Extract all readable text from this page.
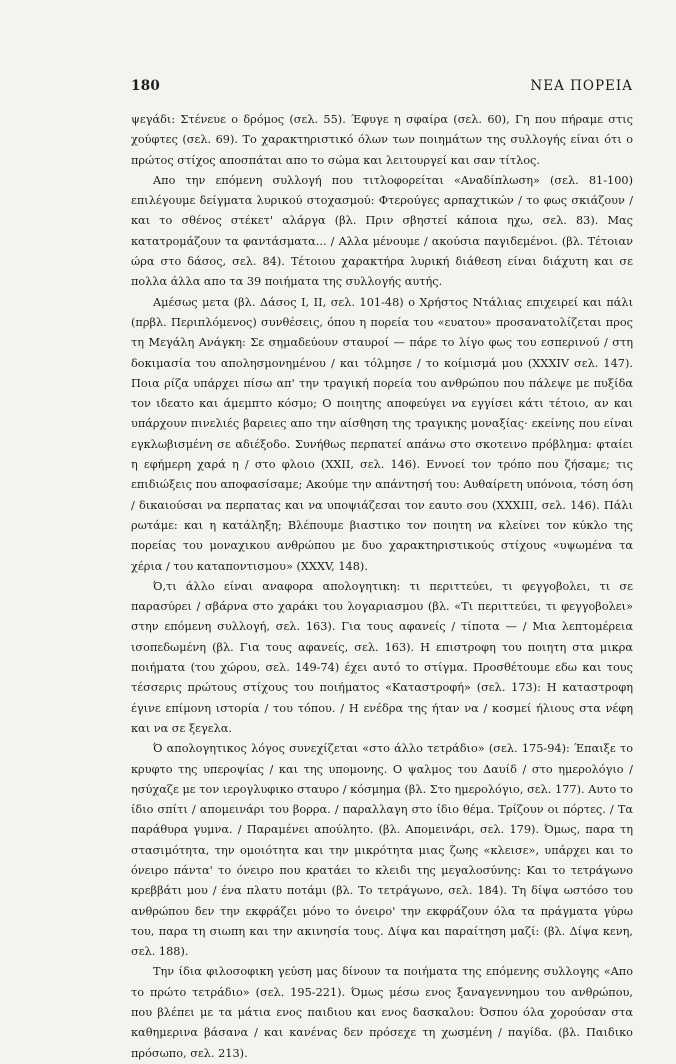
180	ΝΕΑ ΠΟΡΕΙΑ

ψεγάδι: Στένευε ο δρόμος (σελ. 55). Έφυγε η σφαίρα (σελ. 60), Γη που πήραμε στις χούφτες (σελ. 69). Το χαρακτηριστικό όλων των ποιημάτων της συλλογής είναι ότι ο πρώτος στίχος αποσπάται απο το σώμα και λειτουργεί και σαν τίτλος.

Απο την επόμενη συλλογή που τιτλοφορείται «Αναδίπλωση» (σελ. 81-100) επιλέγουμε δείγματα λυρικού στοχασμού: Φτερούγες αρπαχτικών / το φως σκιάζουν / και το σθένος στέκετ' αλάργα (βλ. Πριν σβηστεί κάποια ηχω, σελ. 83). Μας κατατρομάζουν τα φαντάσματα... / Αλλα μένουμε / ακούσια παγιδεμένοι. (βλ. Τέτοιαν ώρα στο δάσος, σελ. 84). Τέτοιου χαρακτήρα λυρική διάθεση είναι διάχυτη και σε πολλα άλλα απο τα 39 ποιήματα της συλλογής αυτής.

Αμέσως μετα (βλ. Δάσος Ι, ΙΙ, σελ. 101-48) ο Χρήστος Ντάλιας επιχειρεί και πάλι (πρβλ. Περιπλόμενος) συνθέσεις, όπου η πορεία του «ευατου» προσανατολίζεται προς τη Μεγάλη Ανάγκη: Σε σημαδεύουν σταυροί — πάρε το λίγο φως του εσπερινού / στη δοκιμασία του απολησμονημένου / και τόλμησε / το κοίμισμά μου (XXXIV σελ. 147). Ποια ρίζα υπάρχει πίσω απ' την τραγική πορεία του ανθρώπου που πάλεψε με πυξίδα τον ιδεατο και άμεμπτο κόσμο; Ο ποιητης αποφεύγει να εγγίσει κάτι τέτοιο, αν και υπάρχουν πινελιές βαρειες απο την αίσθηση της τραγικης μοναξίας· εκείνης που είναι εγκλωβισμένη σε αδιέξοδο. Συνήθως περπατεί απάνω στο σκοτεινο πρόβλημα: φταίει η εφήμερη χαρά η / στο φλοιο (XXII, σελ. 146). Εννοεί τον τρόπο που ζήσαμε; τις επιδιώξεις που αποφασίσαμε; Ακούμε την απάντησή του: Αυθαίρετη υπόνοια, τόση όση / δικαιούσαι να περπατας και να υποψιάζεσαι τον εαυτο σου (XXXIII, σελ. 146). Πάλι ρωτάμε: και η κατάληξη; Βλέπουμε βιαστικο τον ποιητη να κλείνει τον κύκλο της πορείας του μοναχικου ανθρώπου με δυο χαρακτηριστικούς στίχους «υψωμένα τα χέρια / του καταποντισμου» (XXXV, 148).

Ό,τι άλλο είναι αναφορα απολογητικη: τι περιττεύει, τι φεγγοβολει, τι σε παρασύρει / σβάρνα στο χαράκι του λογαριασμου (βλ. «Τι περιττεύει, τι φεγγοβολει» στην επόμενη συλλογή, σελ. 163). Για τους αφανείς / τίποτα — / Μια λεπτομέρεια ισοπεδωμένη (βλ. Για τους αφανείς, σελ. 163). Η επιστροφη του ποιητη στα μικρα ποιήματα (του χώρου, σελ. 149-74) έχει αυτό το στίγμα. Προσθέτουμε εδω και τους τέσσερις πρώτους στίχους του ποιήματος «Καταστροφή» (σελ. 173): Η καταστροφη έγινε επίμονη ιστορία / του τόπου. / Η ενέδρα της ήταν να / κοσμεί ήλιους στα νέφη και να σε ξεγελα.

Ό απολογητικος λόγος συνεχίζεται «στο άλλο τετράδιο» (σελ. 175-94): Έπαιξε το κρυφτο της υπεροψίας / και της υπομονης. Ο ψαλμος του Δαυίδ / στο ημερολόγιο / ησύχαζε με τον ιερογλυφικο σταυρο / κόσμημα (βλ. Στο ημερολόγιο, σελ. 177). Αυτο το ίδιο σπίτι / απομεινάρι του βορρα. / παραλλαγη στο ίδιο θέμα. Τρίζουν οι πόρτες. / Τα παράθυρα γυμνα. / Παραμένει απούλητο. (βλ. Απομεινάρι, σελ. 179). Όμως, παρα τη στασιμότητα, την ομοιότητα και την μικρότητα μιας ζωης «κλεισε», υπάρχει και το όνειρο πάντα' το όνειρο που κρατάει το κλειδι της μεγαλοσύνης: Και το τετράγωνο κρεββάτι μου / ένα πλατυ ποτάμι (βλ. Το τετράγωνο, σελ. 184). Τη δίψα ωστόσο του ανθρώπου δεν την εκφράζει μόνο το όνειρο' την εκφράζουν όλα τα πράγματα γύρω του, παρα τη σιωπη και την ακινησία τους. Δίψα και παραίτηση μαζί: (βλ. Δίψα κενη, σελ. 188).

Την ίδια φιλοσοφικη γεύση μας δίνουν τα ποιήματα της επόμενης συλλογης «Απο το πρώτο τετράδιο» (σελ. 195-221). Όμως μέσω ενος ξαναγεννημου του ανθρώπου, που βλέπει με τα μάτια ενος παιδιου και ενος δασκαλου: Όσπου όλα χορούσαν στα καθημερινα βάσανα / και κανένας δεν πρόσεχε τη χωσμένη / παγίδα. (βλ. Παιδικο πρόσωπο, σελ. 213).
